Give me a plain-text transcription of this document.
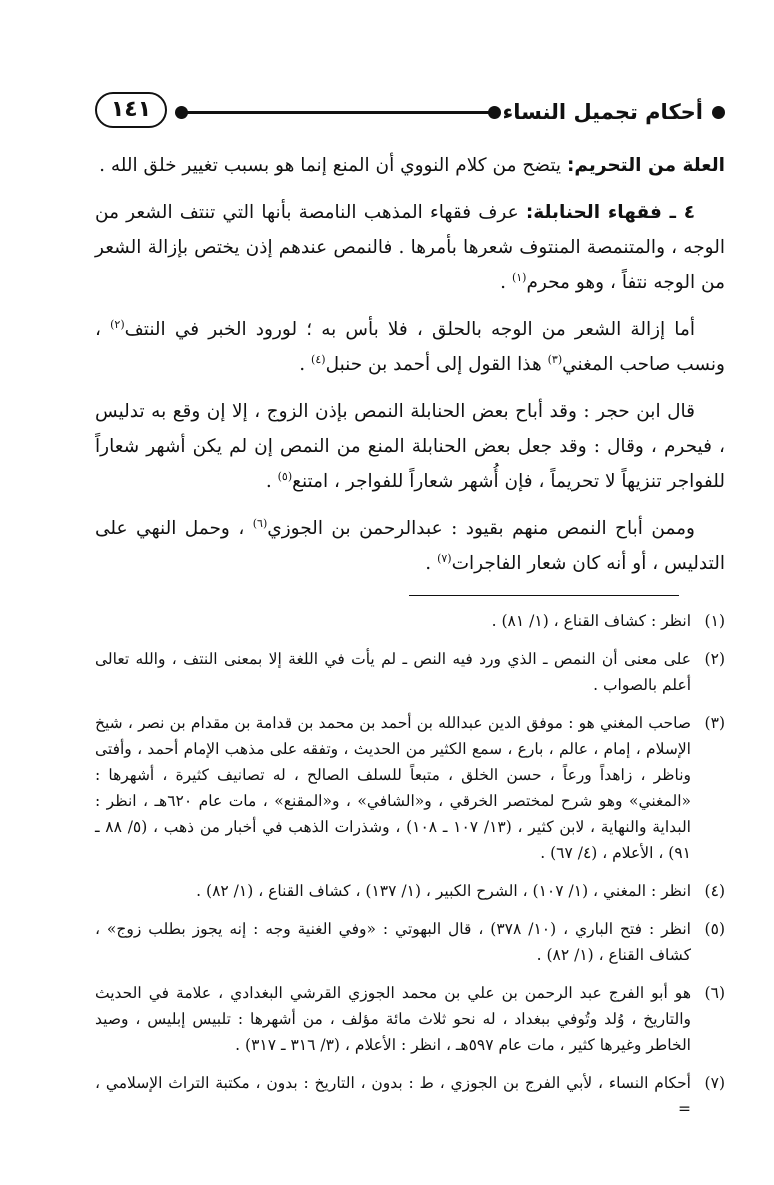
أحكام تجميل النساء
١٤١

العلة من التحريم: يتضح من كلام النووي أن المنع إنما هو بسبب تغيير خلق الله .

٤ ـ فقهاء الحنابلة: عرف فقهاء المذهب النامصة بأنها التي تنتف الشعر من الوجه ، والمتنمصة المنتوف شعرها بأمرها . فالنمص عندهم إذن يختص بإزالة الشعر من الوجه نتفاً ، وهو محرم$^{(١)}$ .

أما إزالة الشعر من الوجه بالحلق ، فلا بأس به ؛ لورود الخبر في النتف$^{(٢)}$ ، ونسب صاحب المغني$^{(٣)}$ هذا القول إلى أحمد بن حنبل$^{(٤)}$ .

قال ابن حجر : وقد أباح بعض الحنابلة النمص بإذن الزوج ، إلا إن وقع به تدليس ، فيحرم ، وقال : وقد جعل بعض الحنابلة المنع من النمص إن لم يكن أشهر شعاراً للفواجر تنزيهاً لا تحريماً ، فإن أُشهر شعاراً للفواجر ، امتنع$^{(٥)}$ .

وممن أباح النمص منهم بقيود : عبدالرحمن بن الجوزي$^{(٦)}$ ، وحمل النهي على التدليس ، أو أنه كان شعار الفاجرات$^{(٧)}$ .

(١)
انظر : كشاف القناع ، (١/ ٨١) .
(٢)
على معنى أن النمص ـ الذي ورد فيه النص ـ لم يأت في اللغة إلا بمعنى النتف ، والله تعالى أعلم بالصواب .
(٣)
صاحب المغني هو : موفق الدين عبدالله بن أحمد بن محمد بن قدامة بن مقدام بن نصر ، شيخ الإسلام ، إمام ، عالم ، بارع ، سمع الكثير من الحديث ، وتفقه على مذهب الإمام أحمد ، وأفتى وناظر ، زاهداً ورعاً ، حسن الخلق ، متبعاً للسلف الصالح ، له تصانيف كثيرة ، أشهرها : «المغني» وهو شرح لمختصر الخرقي ، و«الشافي» ، و«المقنع» ، مات عام ٦٢٠هـ ، انظر : البداية والنهاية ، لابن كثير ، (١٣/ ١٠٧ ـ ١٠٨) ، وشذرات الذهب في أخبار من ذهب ، (٥/ ٨٨ ـ ٩١) ، الأعلام ، (٤/ ٦٧) .
(٤)
انظر : المغني ، (١/ ١٠٧) ، الشرح الكبير ، (١/ ١٣٧) ، كشاف القناع ، (١/ ٨٢) .
(٥)
انظر : فتح الباري ، (١٠/ ٣٧٨) ، قال البهوتي : «وفي الغنية وجه : إنه يجوز بطلب زوج» ، كشاف القناع ، (١/ ٨٢) .
(٦)
هو أبو الفرج عبد الرحمن بن علي بن محمد الجوزي القرشي البغدادي ، علامة في الحديث والتاريخ ، وُلد وتُوفي ببغداد ، له نحو ثلاث مائة مؤلف ، من أشهرها : تلبيس إبليس ، وصيد الخاطر وغيرها كثير ، مات عام ٥٩٧هـ ، انظر : الأعلام ، (٣/ ٣١٦ ـ ٣١٧) .
(٧)
أحكام النساء ، لأبي الفرج بن الجوزي ، ط : بدون ، التاريخ : بدون ، مكتبة التراث الإسلامي ، =
